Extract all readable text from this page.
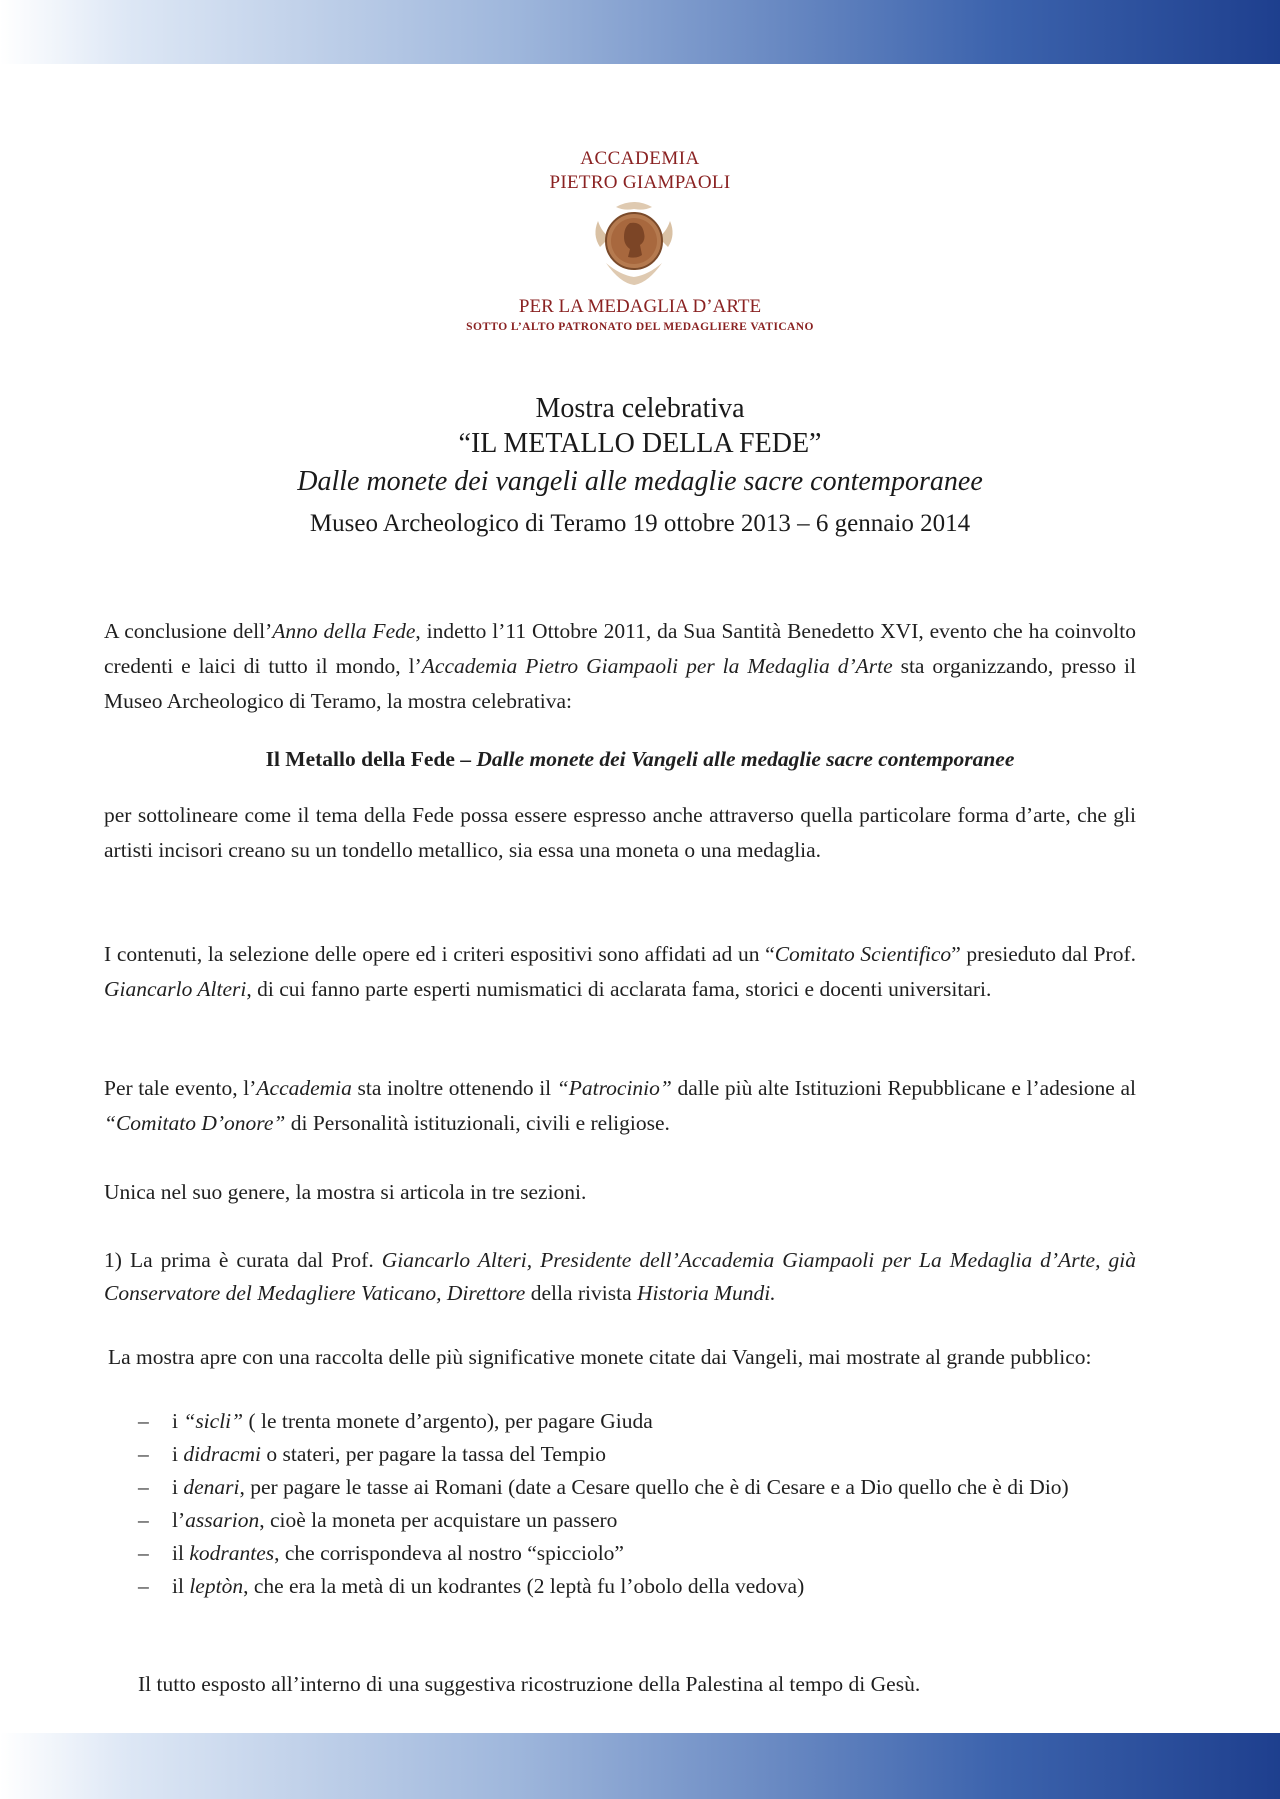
ACCADEMIA
PIETRO GIAMPAOLI
PER LA MEDAGLIA D’ARTE
SOTTO L’ALTO PATRONATO DEL MEDAGLIERE VATICANO
Mostra celebrativa
“IL METALLO DELLA FEDE”
Dalle monete dei vangeli alle medaglie sacre contemporanee
Museo Archeologico di Teramo 19 ottobre 2013 – 6 gennaio 2014
A conclusione dell’Anno della Fede, indetto l’11 Ottobre 2011, da Sua Santità Benedetto XVI, evento che ha coinvolto credenti e laici di tutto il mondo, l’Accademia Pietro Giampaoli per la Medaglia d’Arte sta organizzando, presso il Museo Archeologico di Teramo, la mostra celebrativa:
Il Metallo della Fede – Dalle monete dei Vangeli alle medaglie sacre contemporanee
per sottolineare come il tema della Fede possa essere espresso anche attraverso quella particolare forma d’arte, che gli artisti incisori creano su un tondello metallico, sia essa una moneta o una medaglia.
I contenuti, la selezione delle opere ed i criteri espositivi sono affidati ad un “Comitato Scientifico” presieduto dal Prof. Giancarlo Alteri, di cui fanno parte esperti numismatici di acclarata fama, storici e docenti universitari.
Per tale evento, l’Accademia sta inoltre ottenendo il “Patrocinio” dalle più alte Istituzioni Repubblicane e l’adesione al “Comitato D’onore” di Personalità istituzionali, civili e religiose.
Unica nel suo genere, la mostra si articola in tre sezioni.
1) La prima è curata dal Prof. Giancarlo Alteri, Presidente dell’Accademia Giampaoli per La Medaglia d’Arte, già Conservatore del Medagliere Vaticano, Direttore della rivista Historia Mundi.
La mostra apre con una raccolta delle più significative monete citate dai Vangeli, mai mostrate al grande pubblico:
– i “sicli” ( le trenta monete d’argento), per pagare Giuda
– i didracmi o stateri, per pagare la tassa del Tempio
– i denari, per pagare le tasse ai Romani (date a Cesare quello che è di Cesare e a Dio quello che è di Dio)
– l’assarion, cioè la moneta per acquistare un passero
– il kodrantes, che corrispondeva al nostro “spicciolo”
– il leptòn, che era la metà di un kodrantes (2 leptà fu l’obolo della vedova)
Il tutto esposto all’interno di una suggestiva ricostruzione della Palestina al tempo di Gesù.
